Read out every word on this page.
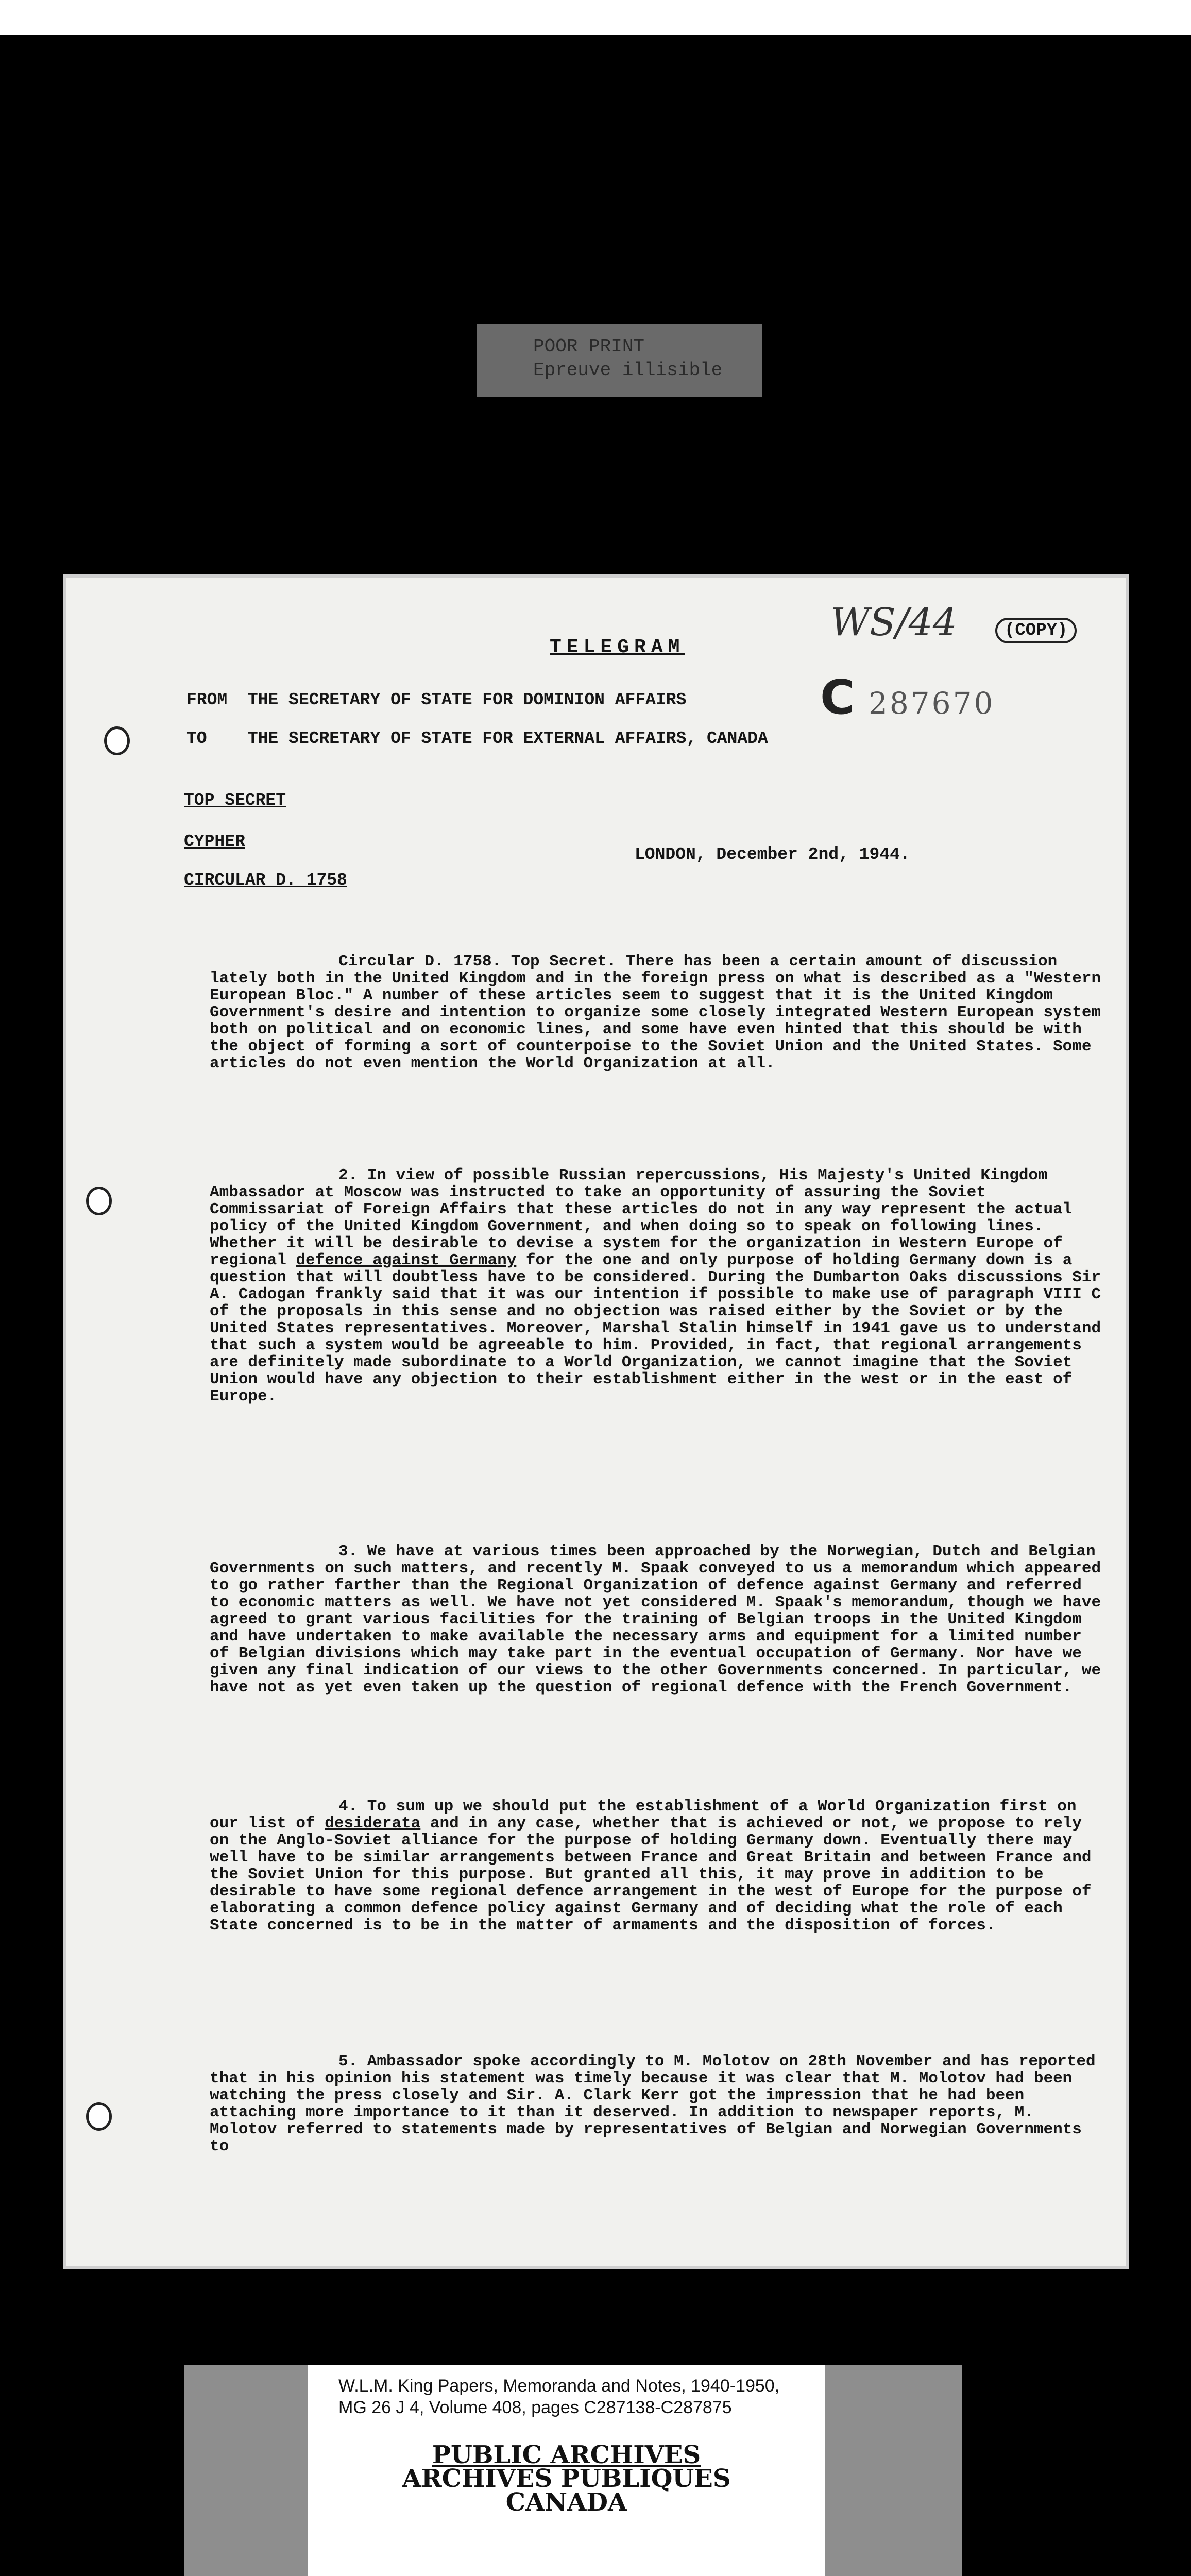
POOR PRINT
Epreuve illisible
TELEGRAM
WS/44	(COPY)
C 287670
FROM THE SECRETARY OF STATE FOR DOMINION AFFAIRS
TO THE SECRETARY OF STATE FOR EXTERNAL AFFAIRS, CANADA
TOP SECRET
CYPHER
CIRCULAR D. 1758
LONDON, December 2nd, 1944.

Circular D. 1758. Top Secret. There has been a certain amount of discussion lately both in the United Kingdom and in the foreign press on what is described as a "Western European Bloc." A number of these articles seem to suggest that it is the United Kingdom Government's desire and intention to organize some closely integrated Western European system both on political and on economic lines, and some have even hinted that this should be with the object of forming a sort of counterpoise to the Soviet Union and the United States. Some articles do not even mention the World Organization at all.

2. In view of possible Russian repercussions, His Majesty's United Kingdom Ambassador at Moscow was instructed to take an opportunity of assuring the Soviet Commissariat of Foreign Affairs that these articles do not in any way represent the actual policy of the United Kingdom Government, and when doing so to speak on following lines. Whether it will be desirable to devise a system for the organization in Western Europe of regional defence against Germany for the one and only purpose of holding Germany down is a question that will doubtless have to be considered. During the Dumbarton Oaks discussions Sir A. Cadogan frankly said that it was our intention if possible to make use of paragraph VIII C of the proposals in this sense and no objection was raised either by the Soviet or by the United States representatives. Moreover, Marshal Stalin himself in 1941 gave us to understand that such a system would be agreeable to him. Provided, in fact, that regional arrangements are definitely made subordinate to a World Organization, we cannot imagine that the Soviet Union would have any objection to their establishment either in the west or in the east of Europe.

3. We have at various times been approached by the Norwegian, Dutch and Belgian Governments on such matters, and recently M. Spaak conveyed to us a memorandum which appeared to go rather farther than the Regional Organization of defence against Germany and referred to economic matters as well. We have not yet considered M. Spaak's memorandum, though we have agreed to grant various facilities for the training of Belgian troops in the United Kingdom and have undertaken to make available the necessary arms and equipment for a limited number of Belgian divisions which may take part in the eventual occupation of Germany. Nor have we given any final indication of our views to the other Governments concerned. In particular, we have not as yet even taken up the question of regional defence with the French Government.

4. To sum up we should put the establishment of a World Organization first on our list of desiderata and in any case, whether that is achieved or not, we propose to rely on the Anglo-Soviet alliance for the purpose of holding Germany down. Eventually there may well have to be similar arrangements between France and Great Britain and between France and the Soviet Union for this purpose. But granted all this, it may prove in addition to be desirable to have some regional defence arrangement in the west of Europe for the purpose of elaborating a common defence policy against Germany and of deciding what the role of each State concerned is to be in the matter of armaments and the disposition of forces.

5. Ambassador spoke accordingly to M. Molotov on 28th November and has reported that in his opinion his statement was timely because it was clear that M. Molotov had been watching the press closely and Sir. A. Clark Kerr got the impression that he had been attaching more importance to it than it deserved. In addition to newspaper reports, M. Molotov referred to statements made by representatives of Belgian and Norwegian Governments to

W.L.M. King Papers, Memoranda and Notes, 1940-1950,
MG 26 J 4, Volume 408, pages C287138-C287875
PUBLIC ARCHIVES
ARCHIVES PUBLIQUES
CANADA
